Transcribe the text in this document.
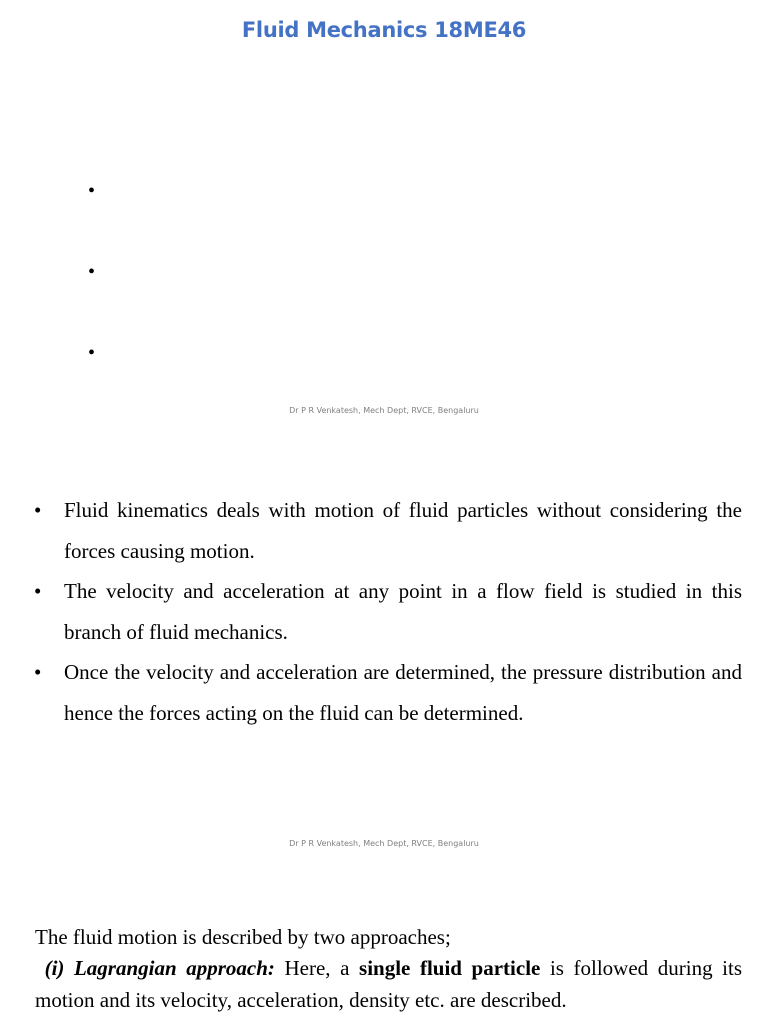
Fluid Mechanics 18ME46
•
•
•
Dr P R Venkatesh, Mech Dept, RVCE, Bengaluru
• Fluid kinematics deals with motion of fluid particles without considering the forces causing motion.
• The velocity and acceleration at any point in a flow field is studied in this branch of fluid mechanics.
• Once the velocity and acceleration are determined, the pressure distribution and hence the forces acting on the fluid can be determined.
Dr P R Venkatesh, Mech Dept, RVCE, Bengaluru
The fluid motion is described by two approaches;
(i) Lagrangian approach: Here, a single fluid particle is followed during its motion and its velocity, acceleration, density etc. are described.
